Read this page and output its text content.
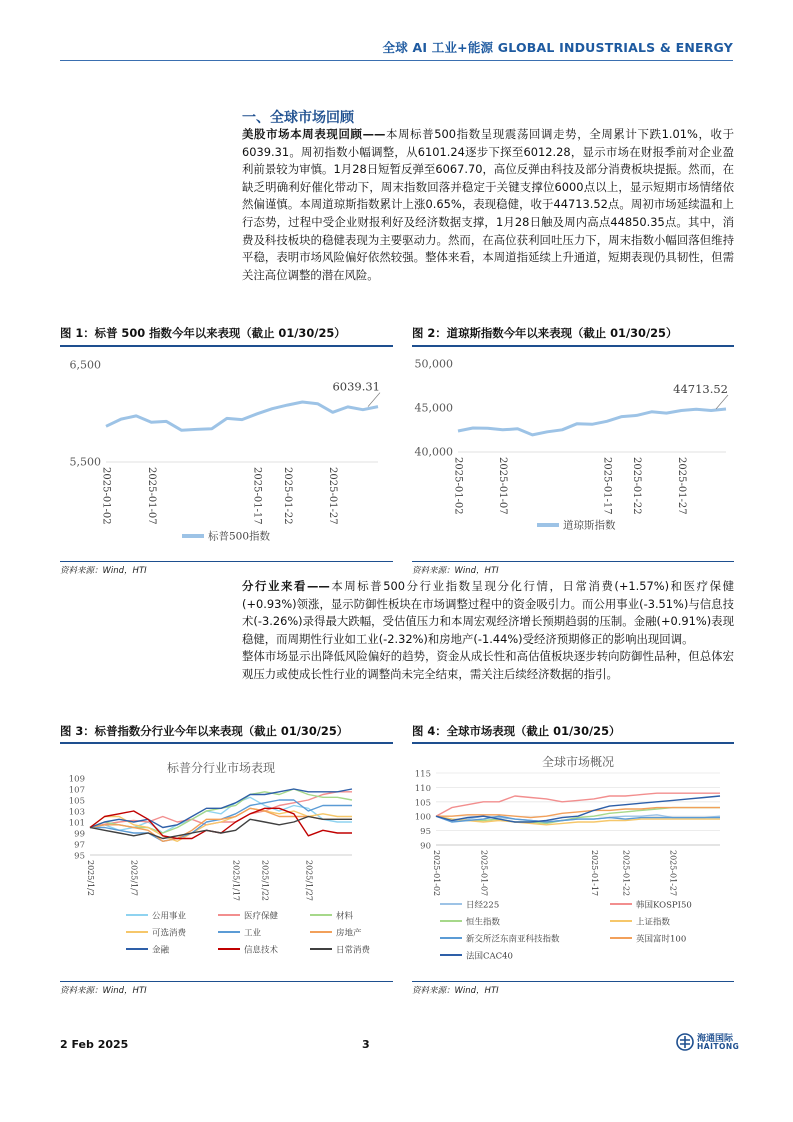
全球 AI 工业+能源 GLOBAL INDUSTRIALS & ENERGY
一、全球市场回顾
美股市场本周表现回顾——本周标普500指数呈现震荡回调走势，全周累计下跌1.01%，收于6039.31。周初指数小幅调整，从6101.24逐步下探至6012.28，显示市场在财报季前对企业盈利前景较为审慎。1月28日短暂反弹至6067.70，高位反弹由科技及部分消费板块提振。然而，在缺乏明确利好催化带动下，周末指数回落并稳定于关键支撑位6000点以上，显示短期市场情绪依然偏谨慎。本周道琼斯指数累计上涨0.65%，表现稳健，收于44713.52点。周初市场延续温和上行态势，过程中受企业财报利好及经济数据支撑，1月28日触及周内高点44850.35点。其中，消费及科技板块的稳健表现为主要驱动力。然而，在高位获利回吐压力下，周末指数小幅回落但维持平稳，表明市场风险偏好依然较强。整体来看，本周道指延续上升通道，短期表现仍具韧性，但需关注高位调整的潜在风险。
图 1：标普 500 指数今年以来表现（截止 01/30/25）
5,500
6,500
2025-01-02	2025-01-07	2025-01-17 2025-01-22	2025-01-27
6039.31
标普500指数
资料来源：Wind，HTI
图 2：道琼斯指数今年以来表现（截止 01/30/25）
40,000
45,000
50,000
2025-01-02	2025-01-07	2025-01-17 2025-01-22	2025-01-27
44713.52
道琼斯指数
资料来源：Wind，HTI
分行业来看——本周标普500分行业指数呈现分化行情，日常消费(+1.57%)和医疗保健(+0.93%)领涨，显示防御性板块在市场调整过程中的资金吸引力。而公用事业(-3.51%)与信息技术(-3.26%)录得最大跌幅，受估值压力和本周宏观经济增长预期趋弱的压制。金融(+0.91%)表现稳健，而周期性行业如工业(-2.32%)和房地产(-1.44%)受经济预期修正的影响出现回调。
整体市场显示出降低风险偏好的趋势，资金从成长性和高估值板块逐步转向防御性品种，但总体宏观压力或使成长性行业的调整尚未完全结束，需关注后续经济数据的指引。
图 3：标普指数分行业今年以来表现（截止 01/30/25）
标普分行业市场表现
95
97
99
101
103
105
107
109
2025/1/2	2025/1/7	2025/1/17	2025/1/22	2025/1/27
公用事业	医疗保健	材料
可选消费	工业	房地产
金融	信息技术	日常消费
资料来源：Wind，HTI
图 4：全球市场表现（截止 01/30/25）
全球市场概况
90
95
100
105
110
115
2025-01-02	2025-01-07	2025-01-17	2025-01-22	2025-01-27
日经225	韩国KOSPI50
恒生指数	上证指数
新交所泛东南亚科技指数	英国富时100
法国CAC40
资料来源：Wind，HTI
2 Feb 2025	3	海通国际
HAITONG
